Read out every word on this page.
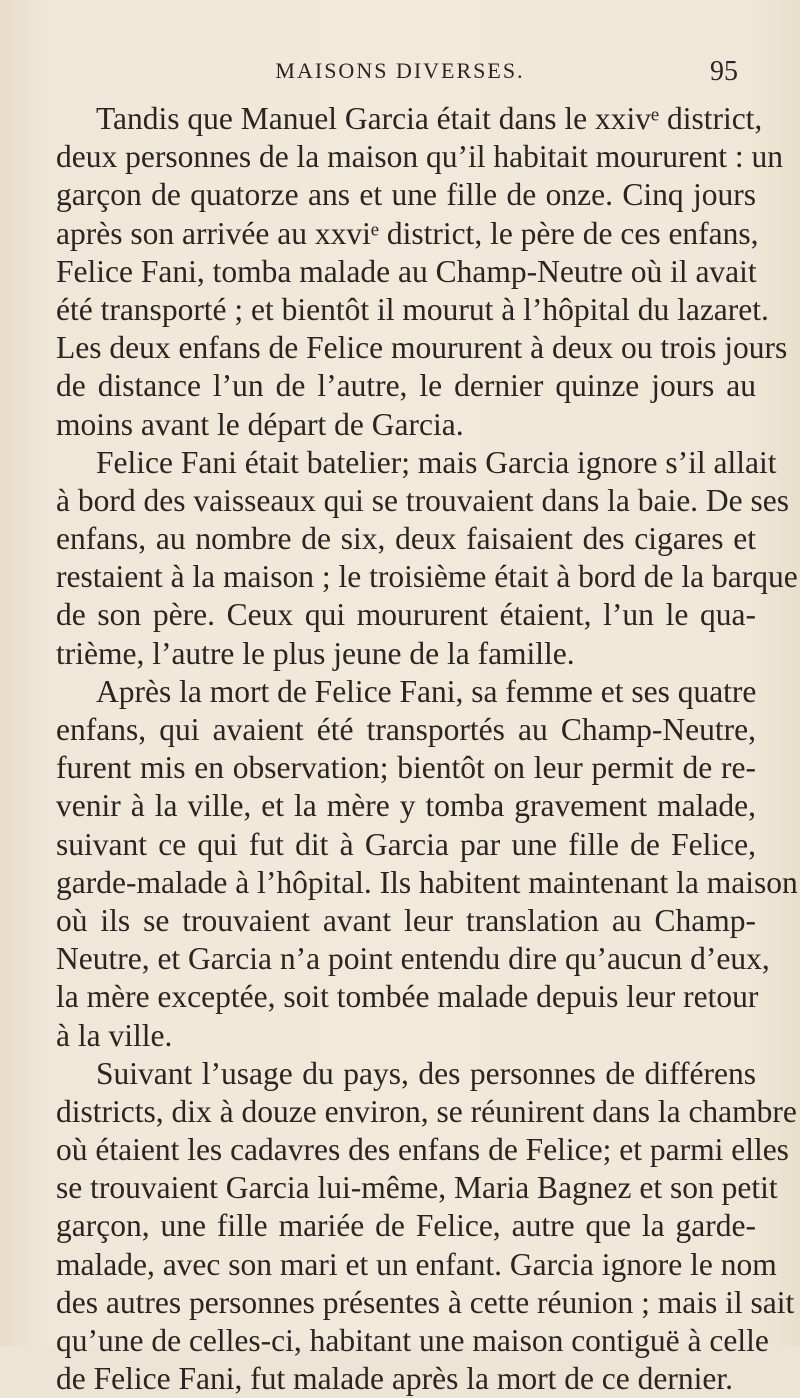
MAISONS DIVERSES.	95
Tandis que Manuel Garcia était dans le xxivᵉ district,
deux personnes de la maison qu’il habitait moururent : un
garçon de quatorze ans et une fille de onze. Cinq jours
après son arrivée au xxviᵉ district, le père de ces enfans,
Felice Fani, tomba malade au Champ-Neutre où il avait
été transporté ; et bientôt il mourut à l’hôpital du lazaret.
Les deux enfans de Felice moururent à deux ou trois jours
de distance l’un de l’autre, le dernier quinze jours au
moins avant le départ de Garcia.
Felice Fani était batelier; mais Garcia ignore s’il allait
à bord des vaisseaux qui se trouvaient dans la baie. De ses
enfans, au nombre de six, deux faisaient des cigares et
restaient à la maison ; le troisième était à bord de la barque
de son père. Ceux qui moururent étaient, l’un le qua-
trième, l’autre le plus jeune de la famille.
Après la mort de Felice Fani, sa femme et ses quatre
enfans, qui avaient été transportés au Champ-Neutre,
furent mis en observation; bientôt on leur permit de re-
venir à la ville, et la mère y tomba gravement malade,
suivant ce qui fut dit à Garcia par une fille de Felice,
garde-malade à l’hôpital. Ils habitent maintenant la maison
où ils se trouvaient avant leur translation au Champ-
Neutre, et Garcia n’a point entendu dire qu’aucun d’eux,
la mère exceptée, soit tombée malade depuis leur retour
à la ville.
Suivant l’usage du pays, des personnes de différens
districts, dix à douze environ, se réunirent dans la chambre
où étaient les cadavres des enfans de Felice; et parmi elles
se trouvaient Garcia lui-même, Maria Bagnez et son petit
garçon, une fille mariée de Felice, autre que la garde-
malade, avec son mari et un enfant. Garcia ignore le nom
des autres personnes présentes à cette réunion ; mais il sait
qu’une de celles-ci, habitant une maison contiguë à celle
de Felice Fani, fut malade après la mort de ce dernier.
